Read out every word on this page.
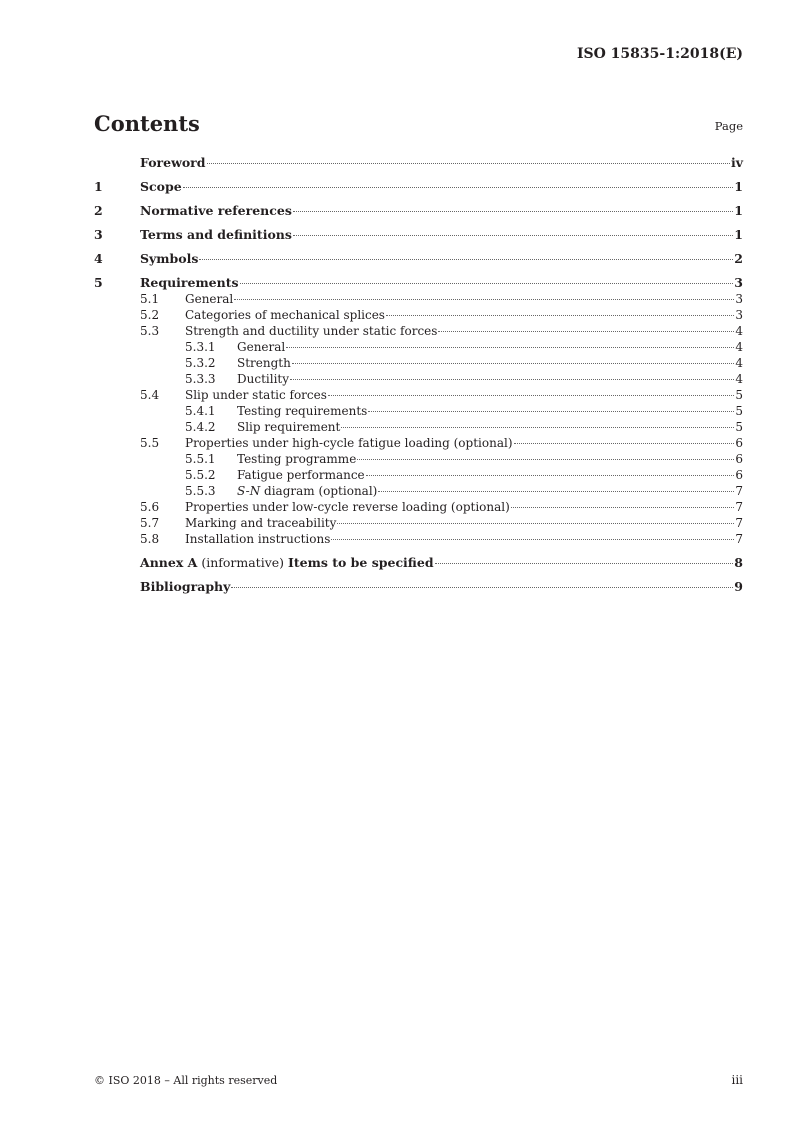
ISO 15835-1:2018(E)
Contents	Page
Foreword	iv
1	Scope	1
2	Normative references	1
3	Terms and definitions	1
4	Symbols	2
5	Requirements	3
5.1	General	3
5.2	Categories of mechanical splices	3
5.3	Strength and ductility under static forces	4
5.3.1	General	4
5.3.2	Strength	4
5.3.3	Ductility	4
5.4	Slip under static forces	5
5.4.1	Testing requirements	5
5.4.2	Slip requirement	5
5.5	Properties under high-cycle fatigue loading (optional)	6
5.5.1	Testing programme	6
5.5.2	Fatigue performance	6
5.5.3	S-N diagram (optional)	7
5.6	Properties under low-cycle reverse loading (optional)	7
5.7	Marking and traceability	7
5.8	Installation instructions	7
Annex A (informative) Items to be specified	8
Bibliography	9
© ISO 2018 – All rights reserved	iii
